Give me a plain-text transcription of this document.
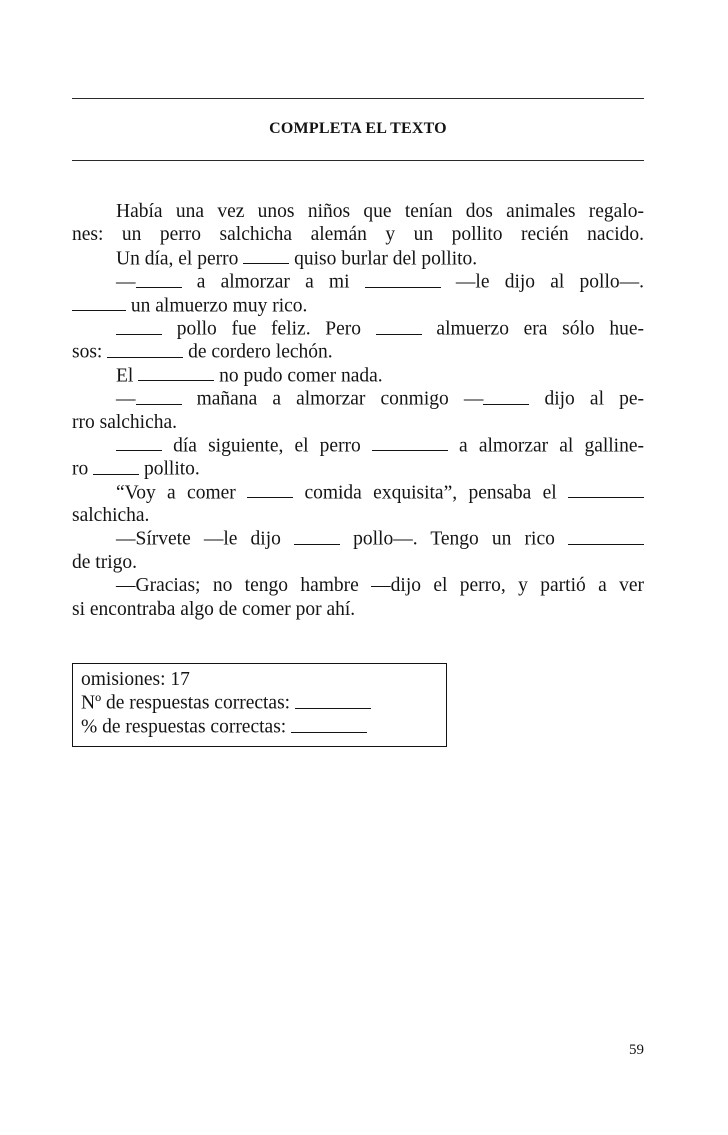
COMPLETA EL TEXTO
Había una vez unos niños que tenían dos animales regalo-
nes: un perro salchicha alemán y un pollito recién nacido.
Un día, el perro  quiso burlar del pollito.
— a almorzar a mi	—le dijo al pollo—.
un almuerzo muy rico.
pollo fue feliz. Pero  almuerzo era sólo hue-
sos:	de cordero lechón.
El	no pudo comer nada.
— mañana a almorzar conmigo — dijo al pe-
rro salchicha.
día siguiente, el perro	a almorzar al galline-
ro  pollito.
“Voy a comer  comida exquisita”, pensaba el
salchicha.
—Sírvete —le dijo  pollo—. Tengo un rico
de trigo.
—Gracias; no tengo hambre —dijo el perro, y partió a ver
si encontraba algo de comer por ahí.
omisiones: 17
Nº de respuestas correctas:
% de respuestas correctas:
59
